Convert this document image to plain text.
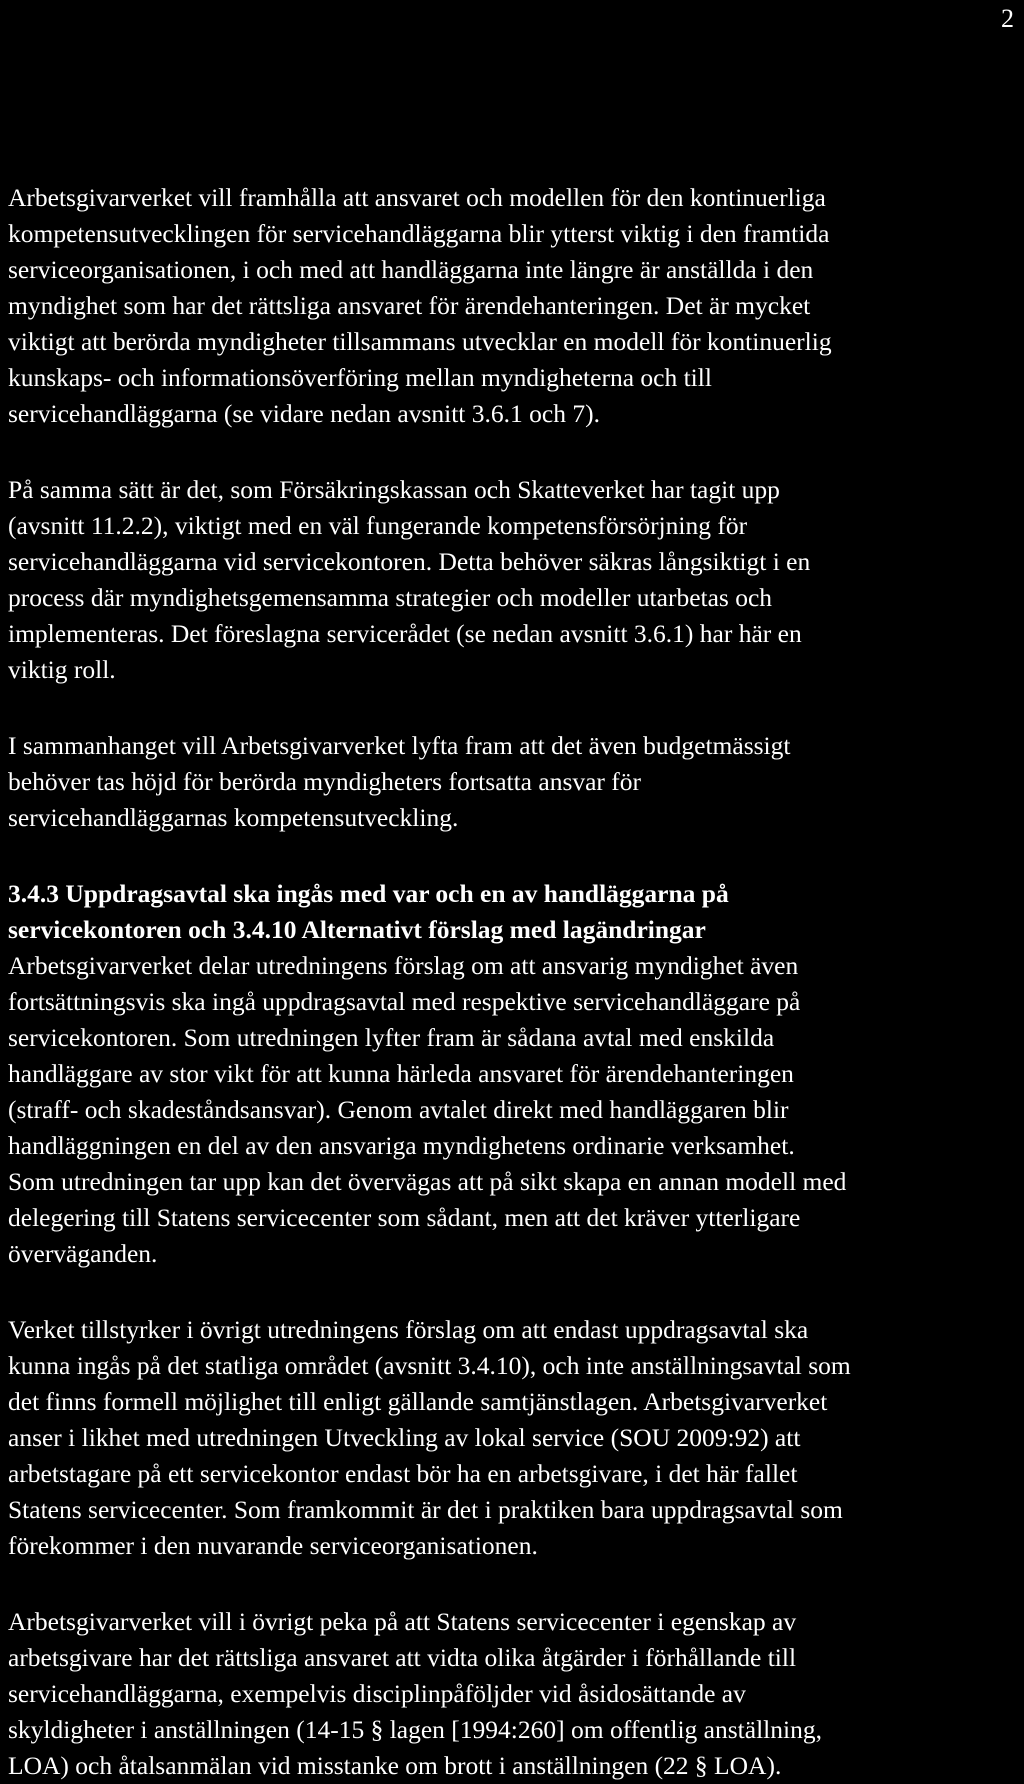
2

Arbetsgivarverket vill framhålla att ansvaret och modellen för den kontinuerliga
kompetensutvecklingen för servicehandläggarna blir ytterst viktig i den framtida
serviceorganisationen, i och med att handläggarna inte längre är anställda i den
myndighet som har det rättsliga ansvaret för ärendehanteringen. Det är mycket
viktigt att berörda myndigheter tillsammans utvecklar en modell för kontinuerlig
kunskaps- och informationsöverföring mellan myndigheterna och till
servicehandläggarna (se vidare nedan avsnitt 3.6.1 och 7).

På samma sätt är det, som Försäkringskassan och Skatteverket har tagit upp
(avsnitt 11.2.2), viktigt med en väl fungerande kompetensförsörjning för
servicehandläggarna vid servicekontoren. Detta behöver säkras långsiktigt i en
process där myndighetsgemensamma strategier och modeller utarbetas och
implementeras. Det föreslagna servicerådet (se nedan avsnitt 3.6.1) har här en
viktig roll.

I sammanhanget vill Arbetsgivarverket lyfta fram att det även budgetmässigt
behöver tas höjd för berörda myndigheters fortsatta ansvar för
servicehandläggarnas kompetensutveckling.

3.4.3 Uppdragsavtal ska ingås med var och en av handläggarna på
servicekontoren och 3.4.10 Alternativt förslag med lagändringar

Arbetsgivarverket delar utredningens förslag om att ansvarig myndighet även
fortsättningsvis ska ingå uppdragsavtal med respektive servicehandläggare på
servicekontoren. Som utredningen lyfter fram är sådana avtal med enskilda
handläggare av stor vikt för att kunna härleda ansvaret för ärendehanteringen
(straff- och skadeståndsansvar). Genom avtalet direkt med handläggaren blir
handläggningen en del av den ansvariga myndighetens ordinarie verksamhet.
Som utredningen tar upp kan det övervägas att på sikt skapa en annan modell med
delegering till Statens servicecenter som sådant, men att det kräver ytterligare
överväganden.

Verket tillstyrker i övrigt utredningens förslag om att endast uppdragsavtal ska
kunna ingås på det statliga området (avsnitt 3.4.10), och inte anställningsavtal som
det finns formell möjlighet till enligt gällande samtjänstlagen. Arbetsgivarverket
anser i likhet med utredningen Utveckling av lokal service (SOU 2009:92) att
arbetstagare på ett servicekontor endast bör ha en arbetsgivare, i det här fallet
Statens servicecenter. Som framkommit är det i praktiken bara uppdragsavtal som
förekommer i den nuvarande serviceorganisationen.

Arbetsgivarverket vill i övrigt peka på att Statens servicecenter i egenskap av
arbetsgivare har det rättsliga ansvaret att vidta olika åtgärder i förhållande till
servicehandläggarna, exempelvis disciplinpåföljder vid åsidosättande av
skyldigheter i anställningen (14-15 § lagen [1994:260] om offentlig anställning,
LOA) och åtalsanmälan vid misstanke om brott i anställningen (22 § LOA).
